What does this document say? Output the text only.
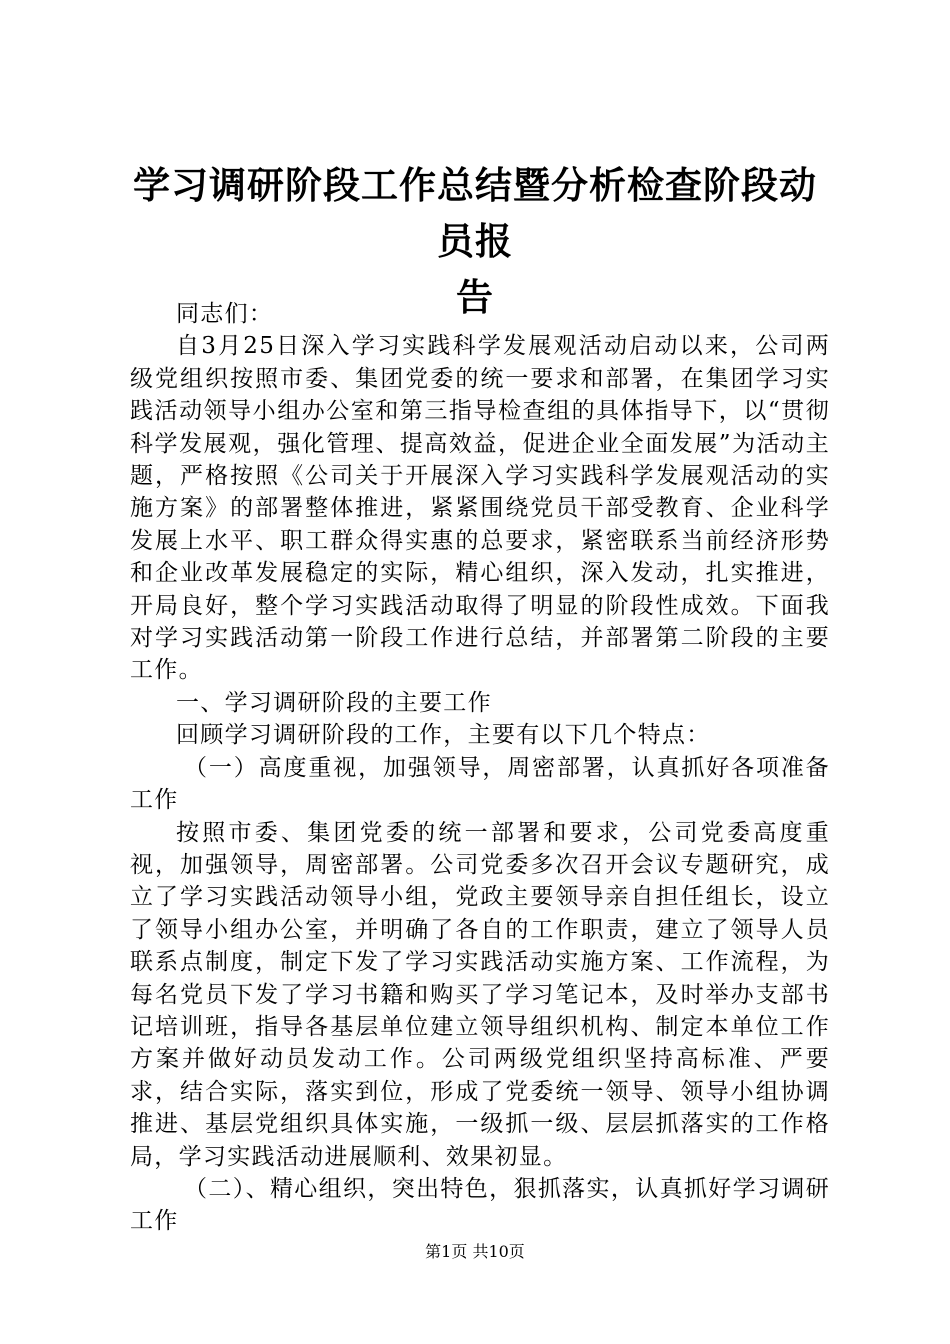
学习调研阶段工作总结暨分析检查阶段动员报
告

同志们：

自3月25日深入学习实践科学发展观活动启动以来，公司两级党组织按照市委、集团党委的统一要求和部署，在集团学习实践活动领导小组办公室和第三指导检查组的具体指导下，以“贯彻科学发展观，强化管理、提高效益，促进企业全面发展”为活动主题，严格按照《公司关于开展深入学习实践科学发展观活动的实施方案》的部署整体推进，紧紧围绕党员干部受教育、企业科学发展上水平、职工群众得实惠的总要求，紧密联系当前经济形势和企业改革发展稳定的实际，精心组织，深入发动，扎实推进，开局良好，整个学习实践活动取得了明显的阶段性成效。下面我对学习实践活动第一阶段工作进行总结，并部署第二阶段的主要工作。

一、学习调研阶段的主要工作

回顾学习调研阶段的工作，主要有以下几个特点：

（一）高度重视，加强领导，周密部署，认真抓好各项准备工作

按照市委、集团党委的统一部署和要求，公司党委高度重视，加强领导，周密部署。公司党委多次召开会议专题研究，成立了学习实践活动领导小组，党政主要领导亲自担任组长，设立了领导小组办公室，并明确了各自的工作职责，建立了领导人员联系点制度，制定下发了学习实践活动实施方案、工作流程，为每名党员下发了学习书籍和购买了学习笔记本，及时举办支部书记培训班，指导各基层单位建立领导组织机构、制定本单位工作方案并做好动员发动工作。公司两级党组织坚持高标准、严要求，结合实际，落实到位，形成了党委统一领导、领导小组协调推进、基层党组织具体实施，一级抓一级、层层抓落实的工作格局，学习实践活动进展顺利、效果初显。

（二）、精心组织，突出特色，狠抓落实，认真抓好学习调研工作

第1页 共10页
